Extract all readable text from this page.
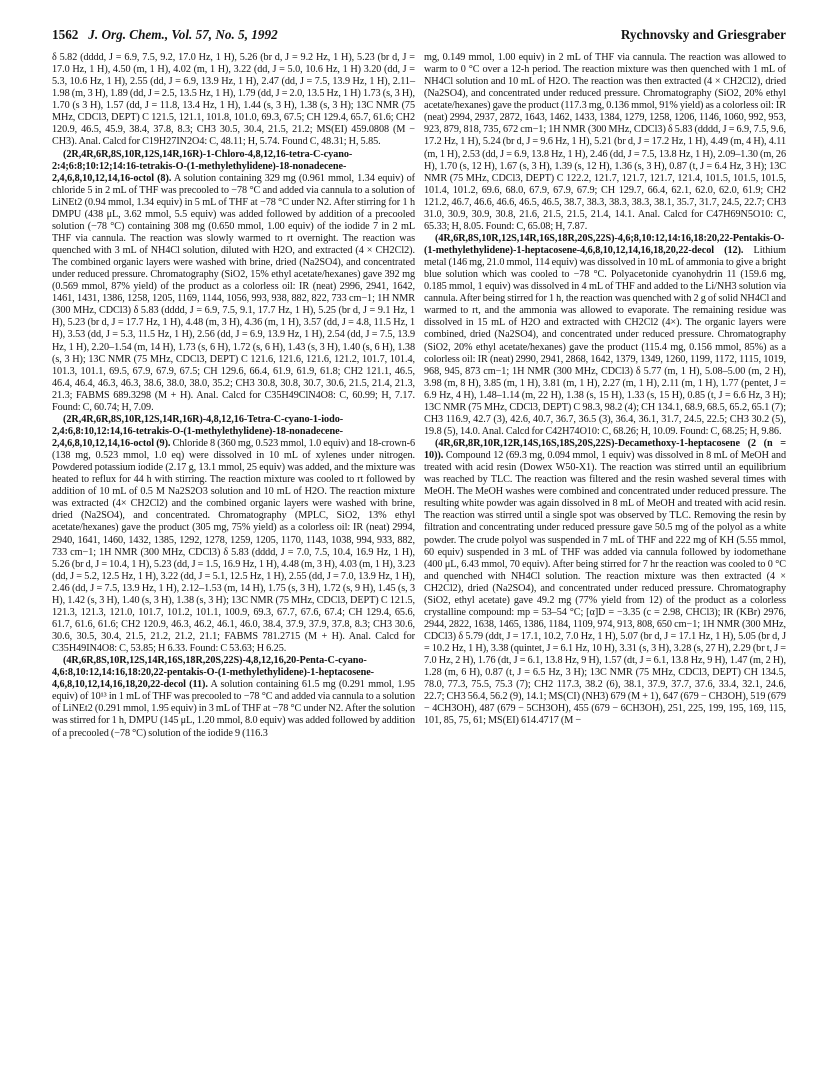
1562 J. Org. Chem., Vol. 57, No. 5, 1992	Rychnovsky and Griesgraber

δ 5.82 (dddd, J = 6.9, 7.5, 9.2, 17.0 Hz, 1 H), 5.26 (br d, J = 9.2 Hz, 1 H), 5.23 (br d, J = 17.0 Hz, 1 H), 4.50 (m, 1 H), 4.02 (m, 1 H), 3.22 (dd, J = 5.0, 10.6 Hz, 1 H) 3.20 (dd, J = 5.3, 10.6 Hz, 1 H), 2.55 (dd, J = 6.9, 13.9 Hz, 1 H), 2.47 (dd, J = 7.5, 13.9 Hz, 1 H), 2.11–1.98 (m, 3 H), 1.89 (dd, J = 2.5, 13.5 Hz, 1 H), 1.79 (dd, J = 2.0, 13.5 Hz, 1 H) 1.73 (s, 3 H), 1.70 (s 3 H), 1.57 (dd, J = 11.8, 13.4 Hz, 1 H), 1.44 (s, 3 H), 1.38 (s, 3 H); 13C NMR (75 MHz, CDCl3, DEPT) C 121.5, 121.1, 101.8, 101.0, 69.3, 67.5; CH 129.4, 65.7, 61.6; CH2 120.9, 46.5, 45.9, 38.4, 37.8, 8.3; CH3 30.5, 30.4, 21.5, 21.2; MS(EI) 459.0808 (M − CH3). Anal. Calcd for C19H27IN2O4: C, 48.11; H, 5.74. Found C, 48.31; H, 5.85.

(2R,4R,6R,8S,10R,12S,14R,16R)-1-Chloro-4,8,12,16-tetra-C-cyano-2:4;6:8;10:12;14:16-tetrakis-O-(1-methylethylidene)-18-nonadecene-2,4,6,8,10,12,14,16-octol (8). A solution containing 329 mg (0.961 mmol, 1.34 equiv) of chloride 5 in 2 mL of THF was precooled to −78 °C and added via cannula to a solution of LiNEt2 (0.94 mmol, 1.34 equiv) in 5 mL of THF at −78 °C under N2. After stirring for 1 h DMPU (438 μL, 3.62 mmol, 5.5 equiv) was added followed by addition of a precooled solution (−78 °C) containing 308 mg (0.650 mmol, 1.00 equiv) of the iodide 7 in 2 mL THF via cannula. The reaction was slowly warmed to rt overnight. The reaction was quenched with 3 mL of NH4Cl solution, diluted with H2O, and extracted (4 × CH2Cl2). The combined organic layers were washed with brine, dried (Na2SO4), and concentrated under reduced pressure. Chromatography (SiO2, 15% ethyl acetate/hexanes) gave 392 mg (0.569 mmol, 87% yield) of the product as a colorless oil: IR (neat) 2996, 2941, 1642, 1461, 1431, 1386, 1258, 1205, 1169, 1144, 1056, 993, 938, 882, 822, 733 cm−1; 1H NMR (300 MHz, CDCl3) δ 5.83 (dddd, J = 6.9, 7.5, 9.1, 17.7 Hz, 1 H), 5.25 (br d, J = 9.1 Hz, 1 H), 5.23 (br d, J = 17.7 Hz, 1 H), 4.48 (m, 3 H), 4.36 (m, 1 H), 3.57 (dd, J = 4.8, 11.5 Hz, 1 H), 3.53 (dd, J = 5.3, 11.5 Hz, 1 H), 2.56 (dd, J = 6.9, 13.9 Hz, 1 H), 2.54 (dd, J = 7.5, 13.9 Hz, 1 H), 2.20–1.54 (m, 14 H), 1.73 (s, 6 H), 1.72 (s, 6 H), 1.43 (s, 3 H), 1.40 (s, 6 H), 1.38 (s, 3 H); 13C NMR (75 MHz, CDCl3, DEPT) C 121.6, 121.6, 121.6, 121.2, 101.7, 101.4, 101.3, 101.1, 69.5, 67.9, 67.9, 67.5; CH 129.6, 66.4, 61.9, 61.9, 61.8; CH2 121.1, 46.5, 46.4, 46.4, 46.3, 46.3, 38.6, 38.0, 38.0, 35.2; CH3 30.8, 30.8, 30.7, 30.6, 21.5, 21.4, 21.3, 21.3; FABMS 689.3298 (M + H). Anal. Calcd for C35H49ClN4O8: C, 60.99; H, 7.17. Found: C, 60.74; H, 7.09.

(2R,4R,6R,8S,10R,12S,14R,16R)-4,8,12,16-Tetra-C-cyano-1-iodo-2,4:6,8:10,12:14,16-tetrakis-O-(1-methylethylidene)-18-nonadecene-2,4,6,8,10,12,14,16-octol (9). Chloride 8 (360 mg, 0.523 mmol, 1.0 equiv) and 18-crown-6 (138 mg, 0.523 mmol, 1.0 eq) were dissolved in 10 mL of xylenes under nitrogen. Powdered potassium iodide (2.17 g, 13.1 mmol, 25 equiv) was added, and the mixture was heated to reflux for 44 h with stirring. The reaction mixture was cooled to rt followed by addition of 10 mL of 0.5 M Na2S2O3 solution and 10 mL of H2O. The reaction mixture was extracted (4× CH2Cl2) and the combined organic layers were washed with brine, dried (Na2SO4), and concentrated. Chromatography (MPLC, SiO2, 13% ethyl acetate/hexanes) gave the product (305 mg, 75% yield) as a colorless oil: IR (neat) 2994, 2940, 1641, 1460, 1432, 1385, 1292, 1278, 1259, 1205, 1170, 1143, 1038, 994, 933, 882, 733 cm−1; 1H NMR (300 MHz, CDCl3) δ 5.83 (dddd, J = 7.0, 7.5, 10.4, 16.9 Hz, 1 H), 5.26 (br d, J = 10.4, 1 H), 5.23 (dd, J = 1.5, 16.9 Hz, 1 H), 4.48 (m, 3 H), 4.03 (m, 1 H), 3.23 (dd, J = 5.2, 12.5 Hz, 1 H), 3.22 (dd, J = 5.1, 12.5 Hz, 1 H), 2.55 (dd, J = 7.0, 13.9 Hz, 1 H), 2.46 (dd, J = 7.5, 13.9 Hz, 1 H), 2.12–1.53 (m, 14 H), 1.75 (s, 3 H), 1.72 (s, 9 H), 1.45 (s, 3 H), 1.42 (s, 3 H), 1.40 (s, 3 H), 1.38 (s, 3 H); 13C NMR (75 MHz, CDCl3, DEPT) C 121.5, 121.3, 121.3, 121.0, 101.7, 101.2, 101.1, 100.9, 69.3, 67.7, 67.6, 67.4; CH 129.4, 65.6, 61.7, 61.6, 61.6; CH2 120.9, 46.3, 46.2, 46.1, 46.0, 38.4, 37.9, 37.9, 37.8, 8.3; CH3 30.6, 30.6, 30.5, 30.4, 21.5, 21.2, 21.2, 21.1; FABMS 781.2715 (M + H). Anal. Calcd for C35H49IN4O8: C, 53.85; H 6.33. Found: C 53.63; H 6.25.

(4R,6R,8S,10R,12S,14R,16S,18R,20S,22S)-4,8,12,16,20-Penta-C-cyano-4,6:8,10:12,14:16,18:20,22-pentakis-O-(1-methylethylidene)-1-heptacosene-4,6,8,10,12,14,16,18,20,22-decol (11). A solution containing 61.5 mg (0.291 mmol, 1.95 equiv) of 10¹³ in 1 mL of THF was precooled to −78 °C and added via cannula to a solution of LiNEt2 (0.291 mmol, 1.95 equiv) in 3 mL of THF at −78 °C under N2. After the solution was stirred for 1 h, DMPU (145 μL, 1.20 mmol, 8.0 equiv) was added followed by addition of a precooled (−78 °C) solution of the iodide 9 (116.3

mg, 0.149 mmol, 1.00 equiv) in 2 mL of THF via cannula. The reaction was allowed to warm to 0 °C over a 12-h period. The reaction mixture was then quenched with 1 mL of NH4Cl solution and 10 mL of H2O. The reaction was then extracted (4 × CH2Cl2), dried (Na2SO4), and concentrated under reduced pressure. Chromatography (SiO2, 20% ethyl acetate/hexanes) gave the product (117.3 mg, 0.136 mmol, 91% yield) as a colorless oil: IR (neat) 2994, 2937, 2872, 1643, 1462, 1433, 1384, 1279, 1258, 1206, 1146, 1060, 992, 953, 923, 879, 818, 735, 672 cm−1; 1H NMR (300 MHz, CDCl3) δ 5.83 (dddd, J = 6.9, 7.5, 9.6, 17.2 Hz, 1 H), 5.24 (br d, J = 9.6 Hz, 1 H), 5.21 (br d, J = 17.2 Hz, 1 H), 4.49 (m, 4 H), 4.11 (m, 1 H), 2.53 (dd, J = 6.9, 13.8 Hz, 1 H), 2.46 (dd, J = 7.5, 13.8 Hz, 1 H), 2.09–1.30 (m, 26 H), 1.70 (s, 12 H), 1.67 (s, 3 H), 1.39 (s, 12 H), 1.36 (s, 3 H), 0.87 (t, J = 6.4 Hz, 3 H); 13C NMR (75 MHz, CDCl3, DEPT) C 122.2, 121.7, 121.7, 121.7, 121.4, 101.5, 101.5, 101.5, 101.4, 101.2, 69.6, 68.0, 67.9, 67.9, 67.9; CH 129.7, 66.4, 62.1, 62.0, 62.0, 61.9; CH2 121.2, 46.7, 46.6, 46.6, 46.5, 46.5, 38.7, 38.3, 38.3, 38.3, 38.1, 35.7, 31.7, 24.5, 22.7; CH3 31.0, 30.9, 30.9, 30.8, 21.6, 21.5, 21.5, 21.4, 14.1. Anal. Calcd for C47H69N5O10: C, 65.33; H, 8.05. Found: C, 65.08; H, 7.87.

(4R,6R,8S,10R,12S,14R,16S,18R,20S,22S)-4,6;8,10:12,14:16,18:20,22-Pentakis-O-(1-methylethylidene)-1-heptacosene-4,6,8,10,12,14,16,18,20,22-decol (12). Lithium metal (146 mg, 21.0 mmol, 114 equiv) was dissolved in 10 mL of ammonia to give a bright blue solution which was cooled to −78 °C. Polyacetonide cyanohydrin 11 (159.6 mg, 0.185 mmol, 1 equiv) was dissolved in 4 mL of THF and added to the Li/NH3 solution via cannula. After being stirred for 1 h, the reaction was quenched with 2 g of solid NH4Cl and warmed to rt, and the ammonia was allowed to evaporate. The remaining residue was dissolved in 15 mL of H2O and extracted with CH2Cl2 (4×). The organic layers were combined, dried (Na2SO4), and concentrated under reduced pressure. Chromatography (SiO2, 20% ethyl acetate/hexanes) gave the product (115.4 mg, 0.156 mmol, 85%) as a colorless oil: IR (neat) 2990, 2941, 2868, 1642, 1379, 1349, 1260, 1199, 1172, 1115, 1019, 968, 945, 873 cm−1; 1H NMR (300 MHz, CDCl3) δ 5.77 (m, 1 H), 5.08–5.00 (m, 2 H), 3.98 (m, 8 H), 3.85 (m, 1 H), 3.81 (m, 1 H), 2.27 (m, 1 H), 2.11 (m, 1 H), 1.77 (pentet, J = 6.9 Hz, 4 H), 1.48–1.14 (m, 22 H), 1.38 (s, 15 H), 1.33 (s, 15 H), 0.85 (t, J = 6.6 Hz, 3 H); 13C NMR (75 MHz, CDCl3, DEPT) C 98.3, 98.2 (4); CH 134.1, 68.9, 68.5, 65.2, 65.1 (7); CH3 116.9, 42.7 (3), 42.6, 40.7, 36.7, 36.5 (3), 36.4, 36.1, 31.7, 24.5, 22.5; CH3 30.2 (5), 19.8 (5), 14.0. Anal. Calcd for C42H74O10: C, 68.26; H, 10.09. Found: C, 68.25; H, 9.86.

(4R,6R,8R,10R,12R,14S,16S,18S,20S,22S)-Decamethoxy-1-heptacosene (2 (n = 10)). Compound 12 (69.3 mg, 0.094 mmol, 1 equiv) was dissolved in 8 mL of MeOH and treated with acid resin (Dowex W50-X1). The reaction was stirred until an equilibrium was reached by TLC. The reaction was filtered and the resin washed several times with MeOH. The MeOH washes were combined and concentrated under reduced pressure. The resulting white powder was again dissolved in 8 mL of MeOH and treated with acid resin. The reaction was stirred until a single spot was observed by TLC. Removing the resin by filtration and concentrating under reduced pressure gave 50.5 mg of the polyol as a white powder. The crude polyol was suspended in 7 mL of THF and 222 mg of KH (5.55 mmol, 60 equiv) suspended in 3 mL of THF was added via cannula followed by iodomethane (400 μL, 6.43 mmol, 70 equiv). After being stirred for 7 hr the reaction was cooled to 0 °C and quenched with NH4Cl solution. The reaction mixture was then extracted (4 × CH2Cl2), dried (Na2SO4), and concentrated under reduced pressure. Chromatography (SiO2, ethyl acetate) gave 49.2 mg (77% yield from 12) of the product as a colorless crystalline compound: mp = 53–54 °C; [α]D = −3.35 (c = 2.98, CHCl3); IR (KBr) 2976, 2944, 2822, 1638, 1465, 1386, 1184, 1109, 974, 913, 808, 650 cm−1; 1H NMR (300 MHz, CDCl3) δ 5.79 (ddt, J = 17.1, 10.2, 7.0 Hz, 1 H), 5.07 (br d, J = 17.1 Hz, 1 H), 5.05 (br d, J = 10.2 Hz, 1 H), 3.38 (quintet, J = 6.1 Hz, 10 H), 3.31 (s, 3 H), 3.28 (s, 27 H), 2.29 (br t, J = 7.0 Hz, 2 H), 1.76 (dt, J = 6.1, 13.8 Hz, 9 H), 1.57 (dt, J = 6.1, 13.8 Hz, 9 H), 1.47 (m, 2 H), 1.28 (m, 6 H), 0.87 (t, J = 6.5 Hz, 3 H); 13C NMR (75 MHz, CDCl3, DEPT) CH 134.5, 78.0, 77.3, 75.5, 75.3 (7); CH2 117.3, 38.2 (6), 38.1, 37.9, 37.7, 37.6, 33.4, 32.1, 24.6, 22.7; CH3 56.4, 56.2 (9), 14.1; MS(CI) (NH3) 679 (M + 1), 647 (679 − CH3OH), 519 (679 − 4CH3OH), 487 (679 − 5CH3OH), 455 (679 − 6CH3OH), 251, 225, 199, 195, 169, 115, 101, 85, 75, 61; MS(EI) 614.4717 (M −
